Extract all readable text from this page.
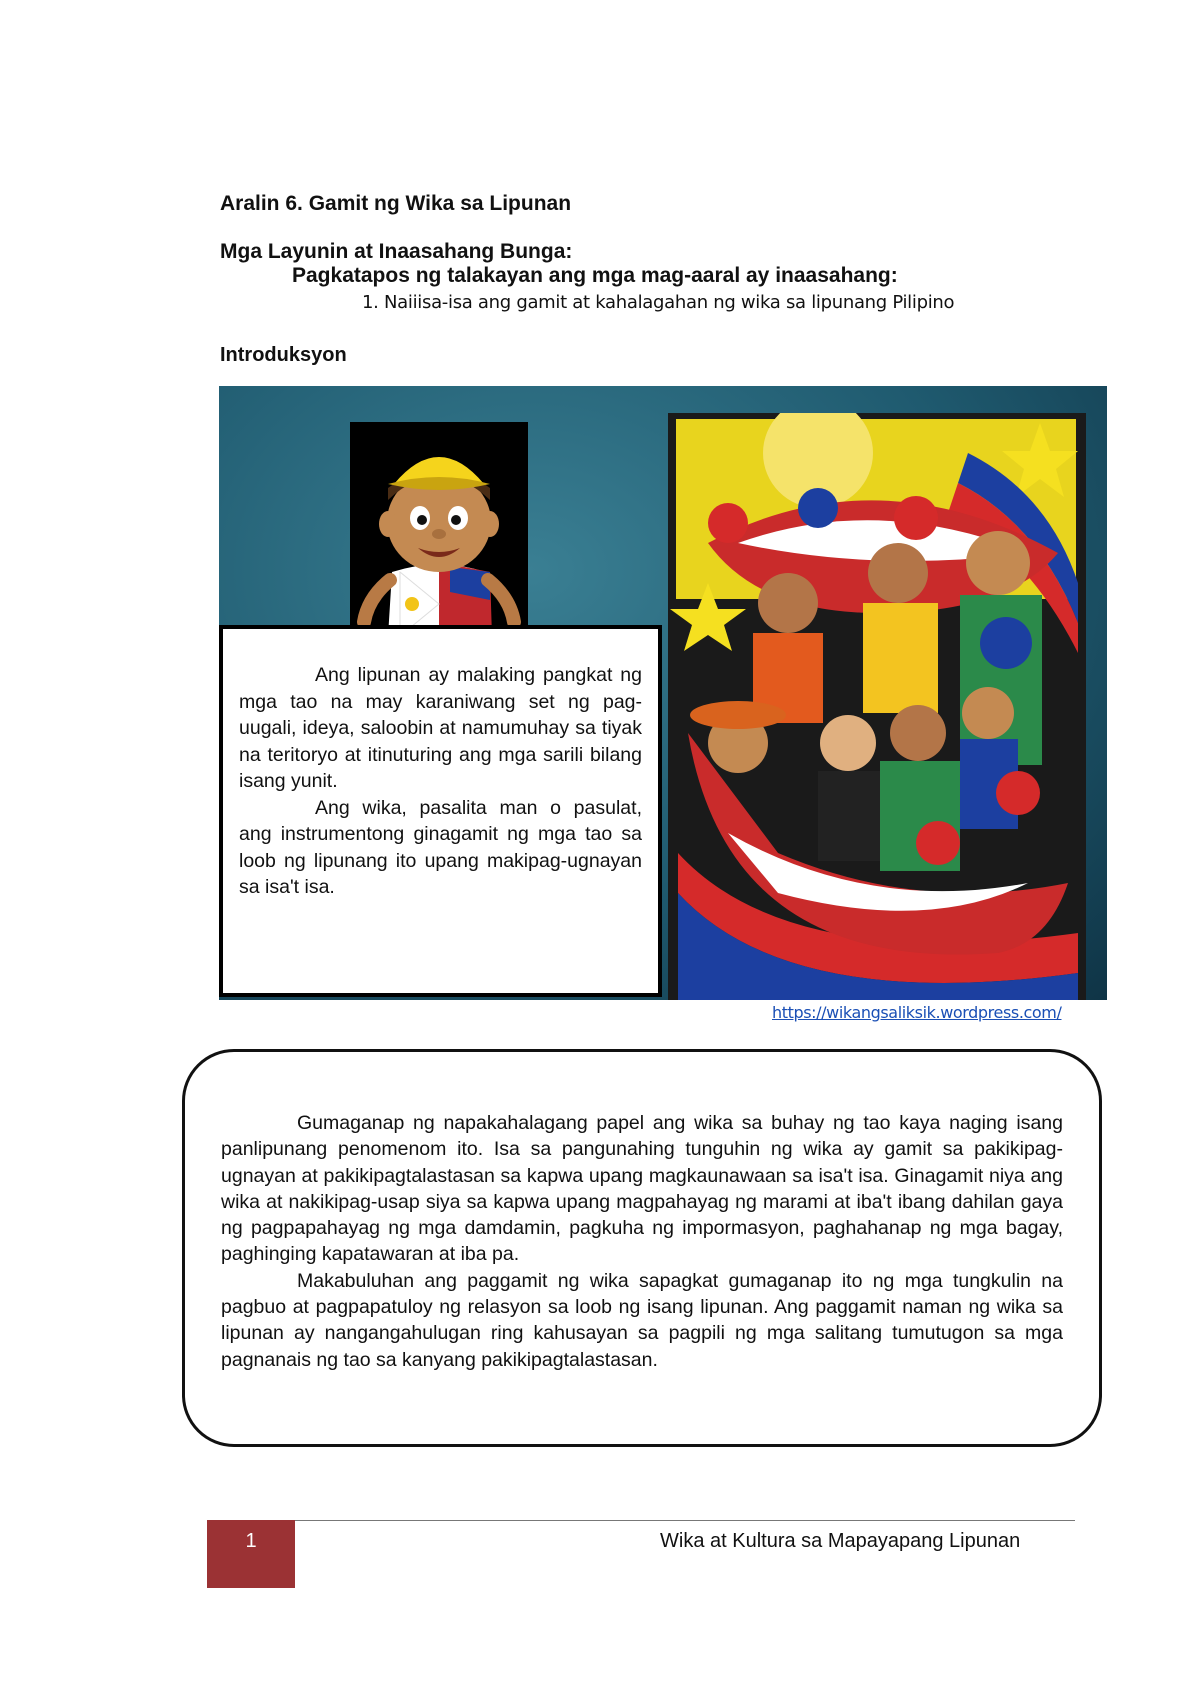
Aralin 6. Gamit ng Wika sa Lipunan
Mga Layunin at Inaasahang Bunga:
Pagkatapos ng talakayan ang mga mag-aaral ay inaasahang:
1. Naiiisa-isa ang gamit at kahalagahan ng wika sa lipunang Pilipino
Introduksyon

Ang lipunan ay malaking pangkat ng mga tao na may karaniwang set ng pag-uugali, ideya, saloobin at namumuhay sa tiyak na teritoryo at itinuturing ang mga sarili bilang isang yunit.

Ang wika, pasalita man o pasulat, ang instrumentong ginagamit ng mga tao sa loob ng lipunang ito upang makipag-ugnayan sa isa't isa.

https://wikangsaliksik.wordpress.com/

Gumaganap ng napakahalagang papel ang wika sa buhay ng tao kaya naging isang panlipunang penomenom ito. Isa sa pangunahing tunguhin ng wika ay gamit sa pakikipag-ugnayan at pakikipagtalastasan sa kapwa upang magkaunawaan sa isa't isa. Ginagamit niya ang wika at nakikipag-usap siya sa kapwa upang magpahayag ng marami at iba't ibang dahilan gaya ng pagpapahayag ng mga damdamin, pagkuha ng impormasyon, paghahanap ng mga bagay, paghinging kapatawaran at iba pa.

Makabuluhan ang paggamit ng wika sapagkat gumaganap ito ng mga tungkulin na pagbuo at pagpapatuloy ng relasyon sa loob ng isang lipunan. Ang paggamit naman ng wika sa lipunan ay nangangahulugan ring kahusayan sa pagpili ng mga salitang tumutugon sa mga pagnanais ng tao sa kanyang pakikipagtalastasan.

1	Wika at Kultura sa Mapayapang Lipunan
